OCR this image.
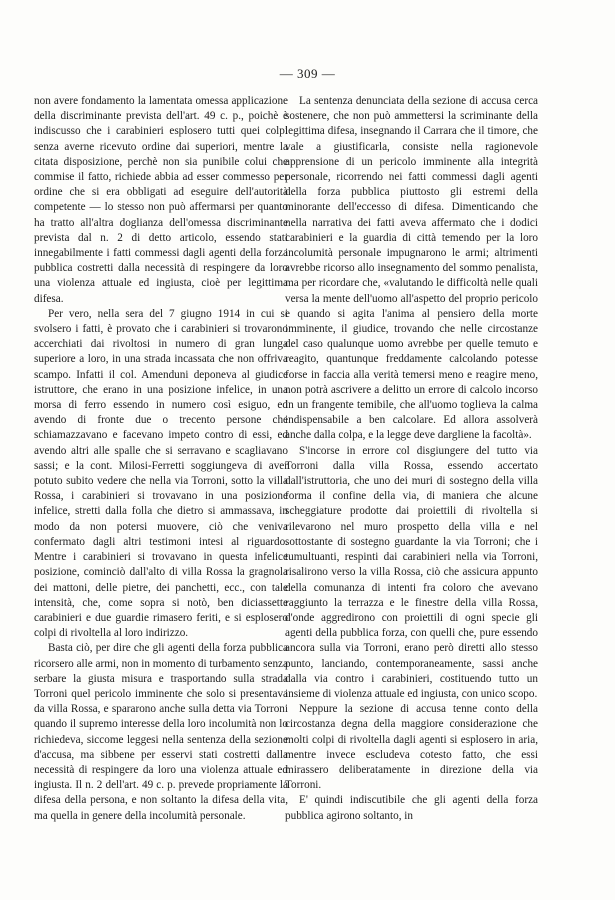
— 309 —

non avere fondamento la lamentata omessa applicazione della discriminante prevista dell'art. 49 c. p., poichè è indiscusso che i carabinieri esplosero tutti quei colpi senza averne ricevuto ordine dai superiori, mentre la citata disposizione, perchè non sia punibile colui che commise il fatto, richiede abbia ad esser commesso per ordine che si era obbligati ad eseguire dell'autorità competente — lo stesso non può affermarsi per quanto ha tratto all'altra doglianza dell'omessa discriminante prevista dal n. 2 di detto articolo, essendo stati innegabilmente i fatti commessi dagli agenti della forza pubblica costretti dalla necessità di respingere da loro una violenza attuale ed ingiusta, cioè per legittima difesa.

Per vero, nella sera del 7 giugno 1914 in cui si svolsero i fatti, è provato che i carabinieri si trovarono accerchiati dai rivoltosi in numero di gran lunga superiore a loro, in una strada incassata che non offriva scampo. Infatti il col. Amenduni deponeva al giudice istruttore, che erano in una posizione infelice, in una morsa di ferro essendo in numero così esiguo, ed avendo di fronte due o trecento persone che schiamazzavano e facevano impeto contro di essi, ed avendo altri alle spalle che si serravano e scagliavano sassi; e la cont. Milosi-Ferretti soggiungeva di aver potuto subito vedere che nella via Torroni, sotto la villa Rossa, i carabinieri si trovavano in una posizione infelice, stretti dalla folla che dietro si ammassava, in modo da non potersi muovere, ciò che veniva confermato dagli altri testimoni intesi al riguardo. Mentre i carabinieri si trovavano in questa infelice posizione, cominciò dall'alto di villa Rossa la gragnola dei mattoni, delle pietre, dei panchetti, ecc., con tale intensità, che, come sopra si notò, ben diciassette carabinieri e due guardie rimasero feriti, e si esplosero colpi di rivoltella al loro indirizzo.

Basta ciò, per dire che gli agenti della forza pubblica ricorsero alle armi, non in momento di turbamento senza serbare la giusta misura e trasportando sulla strada Torroni quel pericolo imminente che solo si presentava da villa Rossa, e spararono anche sulla detta via Torroni quando il supremo interesse della loro incolumità non lo richiedeva, siccome leggesi nella sentenza della sezione d'accusa, ma sibbene per esservi stati costretti dalla necessità di respingere da loro una violenza attuale ed ingiusta. Il n. 2 dell'art. 49 c. p. prevede propriamente la difesa della persona, e non soltanto la difesa della vita, ma quella in genere della incolumità personale.

La sentenza denunciata della sezione di accusa cerca sostenere, che non può ammettersi la scriminante della legittima difesa, insegnando il Carrara che il timore, che vale a giustificarla, consiste nella ragionevole apprensione di un pericolo imminente alla integrità personale, ricorrendo nei fatti commessi dagli agenti della forza pubblica piuttosto gli estremi della minorante dell'eccesso di difesa. Dimenticando che nella narrativa dei fatti aveva affermato che i dodici carabinieri e la guardia di città temendo per la loro incolumità personale impugnarono le armi; altrimenti avrebbe ricorso allo insegnamento del sommo penalista, ma per ricordare che, «valutando le difficoltà nelle quali versa la mente dell'uomo all'aspetto del proprio pericolo e quando si agita l'anima al pensiero della morte imminente, il giudice, trovando che nelle circostanze del caso qualunque uomo avrebbe per quelle temuto e reagito, quantunque freddamente calcolando potesse forse in faccia alla verità temersi meno e reagire meno, non potrà ascrivere a delitto un errore di calcolo incorso in un frangente temibile, che all'uomo toglieva la calma indispensabile a ben calcolare. Ed allora assolverà anche dalla colpa, e la legge deve dargliene la facoltà».

S'incorse in errore col disgiungere del tutto via Torroni dalla villa Rossa, essendo accertato dall'istruttoria, che uno dei muri di sostegno della villa forma il confine della via, di maniera che alcune scheggiature prodotte dai proiettili di rivoltella si rilevarono nel muro prospetto della villa e nel sottostante di sostegno guardante la via Torroni; che i tumultuanti, respinti dai carabinieri nella via Torroni, risalirono verso la villa Rossa, ciò che assicura appunto della comunanza di intenti fra coloro che avevano raggiunto la terrazza e le finestre della villa Rossa, d'onde aggredirono con proiettili di ogni specie gli agenti della pubblica forza, con quelli che, pure essendo ancora sulla via Torroni, erano però diretti allo stesso punto, lanciando, contemporaneamente, sassi anche dalla via contro i carabinieri, costituendo tutto un insieme di violenza attuale ed ingiusta, con unico scopo.

Neppure la sezione di accusa tenne conto della circostanza degna della maggiore considerazione che molti colpi di rivoltella dagli agenti si esplosero in aria, mentre invece escludeva cotesto fatto, che essi mirassero deliberatamente in direzione della via Torroni.

E' quindi indiscutibile che gli agenti della forza pubblica agirono soltanto, in
